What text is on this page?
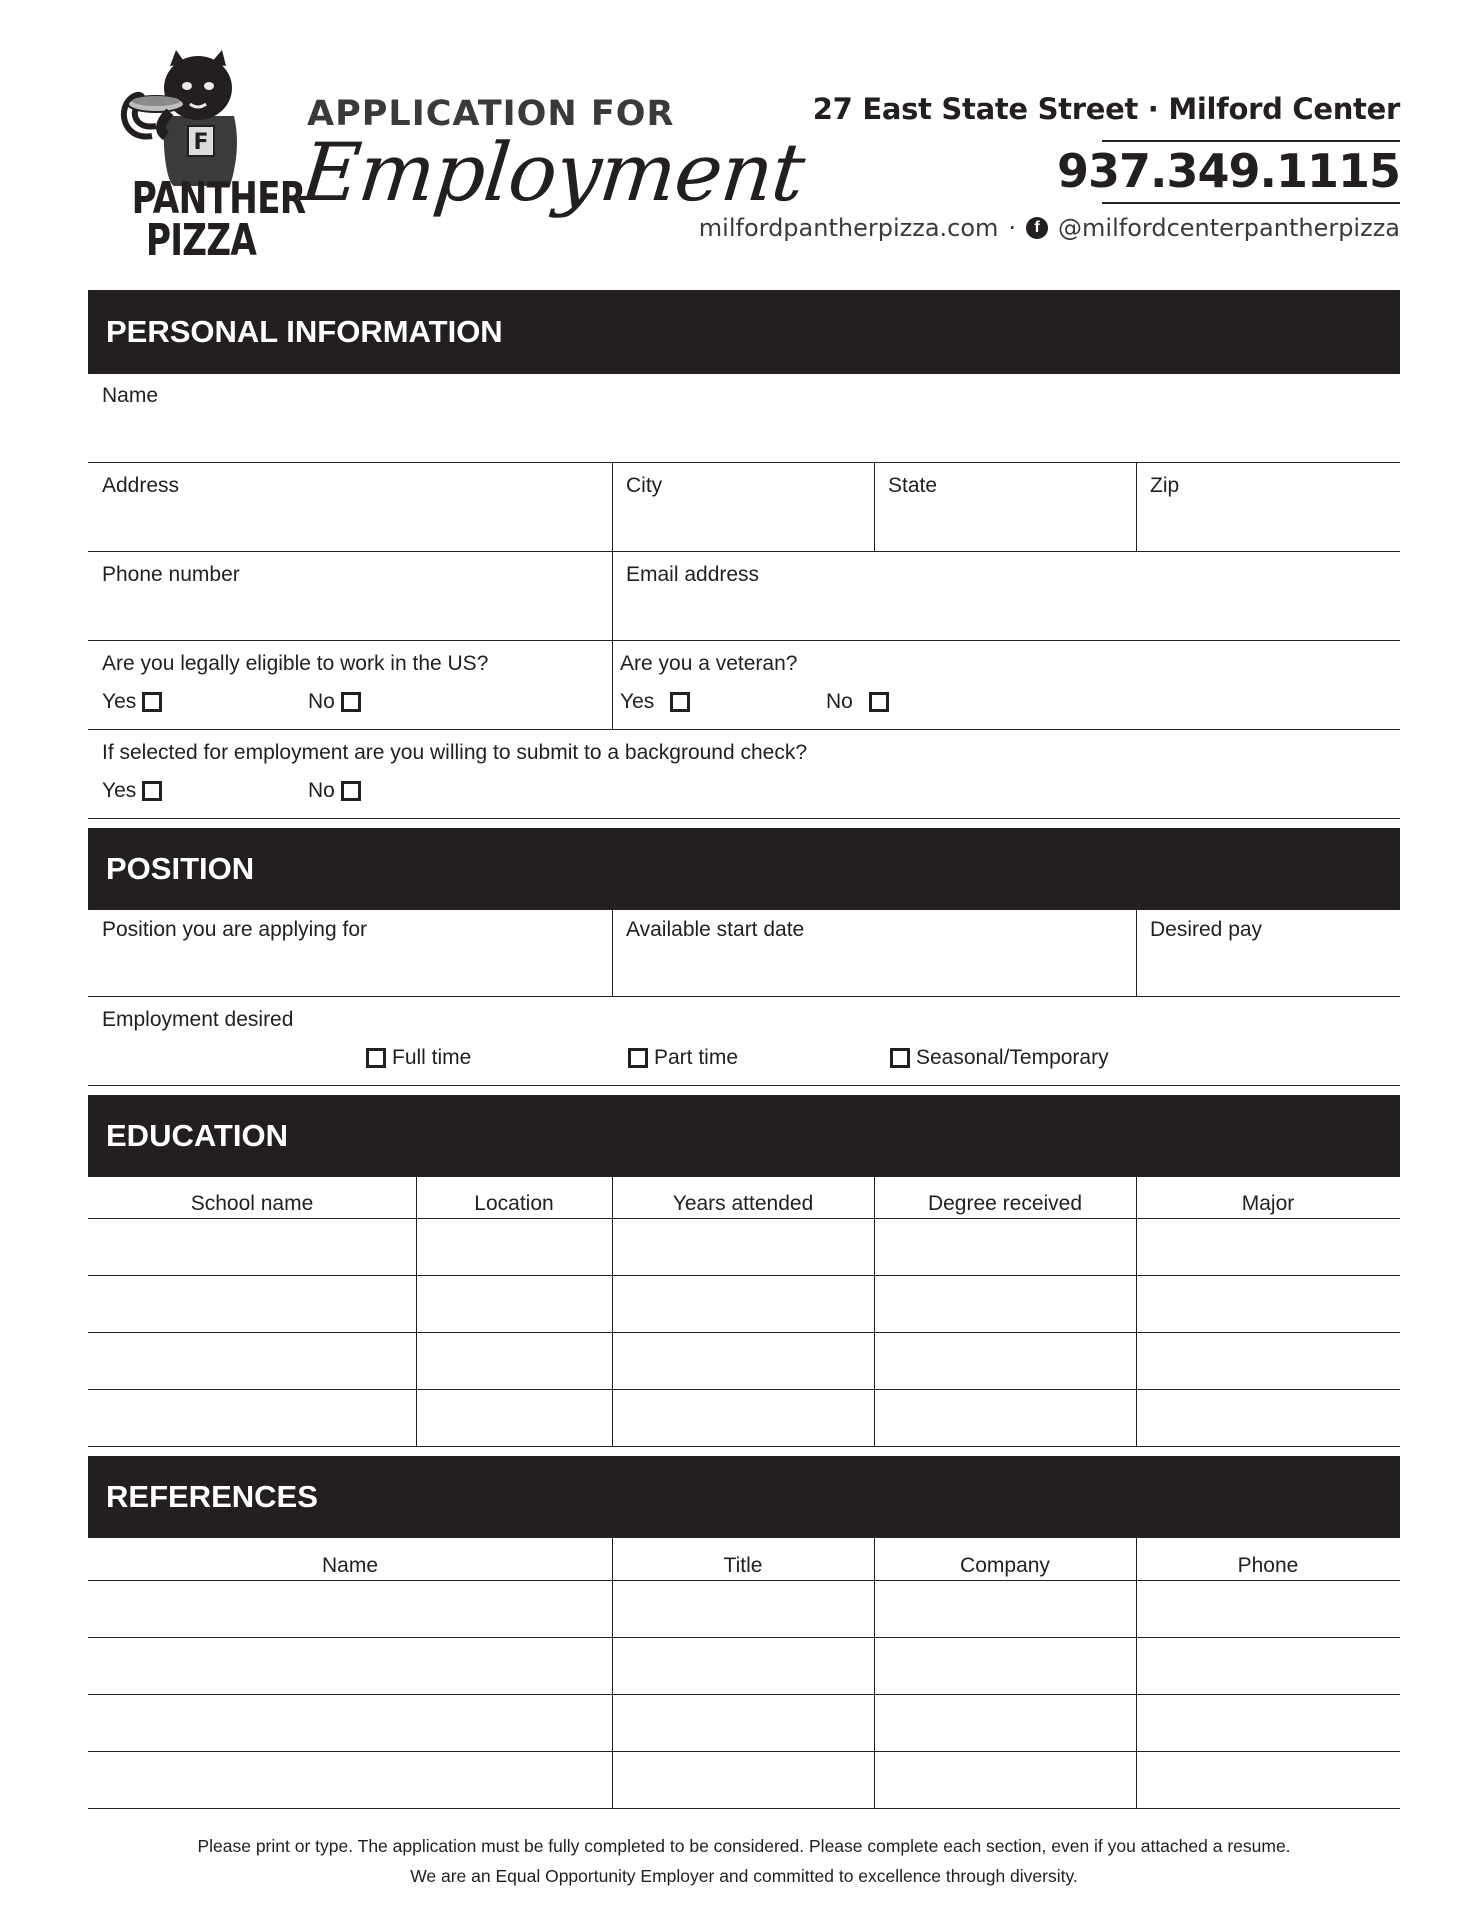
F
PANTHER
PIZZA
APPLICATION FOR
Employment
27 East State Street · Milford Center
937.349.1115
milfordpantherpizza.com ·	f @milfordcenterpantherpizza
PERSONAL INFORMATION
Name
Address	City	State	Zip
Phone number	Email address
Are you legally eligible to work in the US?
Yes	No
Are you a veteran?
Yes	No
If selected for employment are you willing to submit to a background check?
Yes	No
POSITION
Position you are applying for	Available start date	Desired pay
Employment desired
Full time	Part time	Seasonal/Temporary
EDUCATION
School name	Location	Years attended	Degree received	Major
REFERENCES
Name	Title	Company	Phone
Please print or type. The application must be fully completed to be considered. Please complete each section, even if you attached a resume.
We are an Equal Opportunity Employer and committed to excellence through diversity.
